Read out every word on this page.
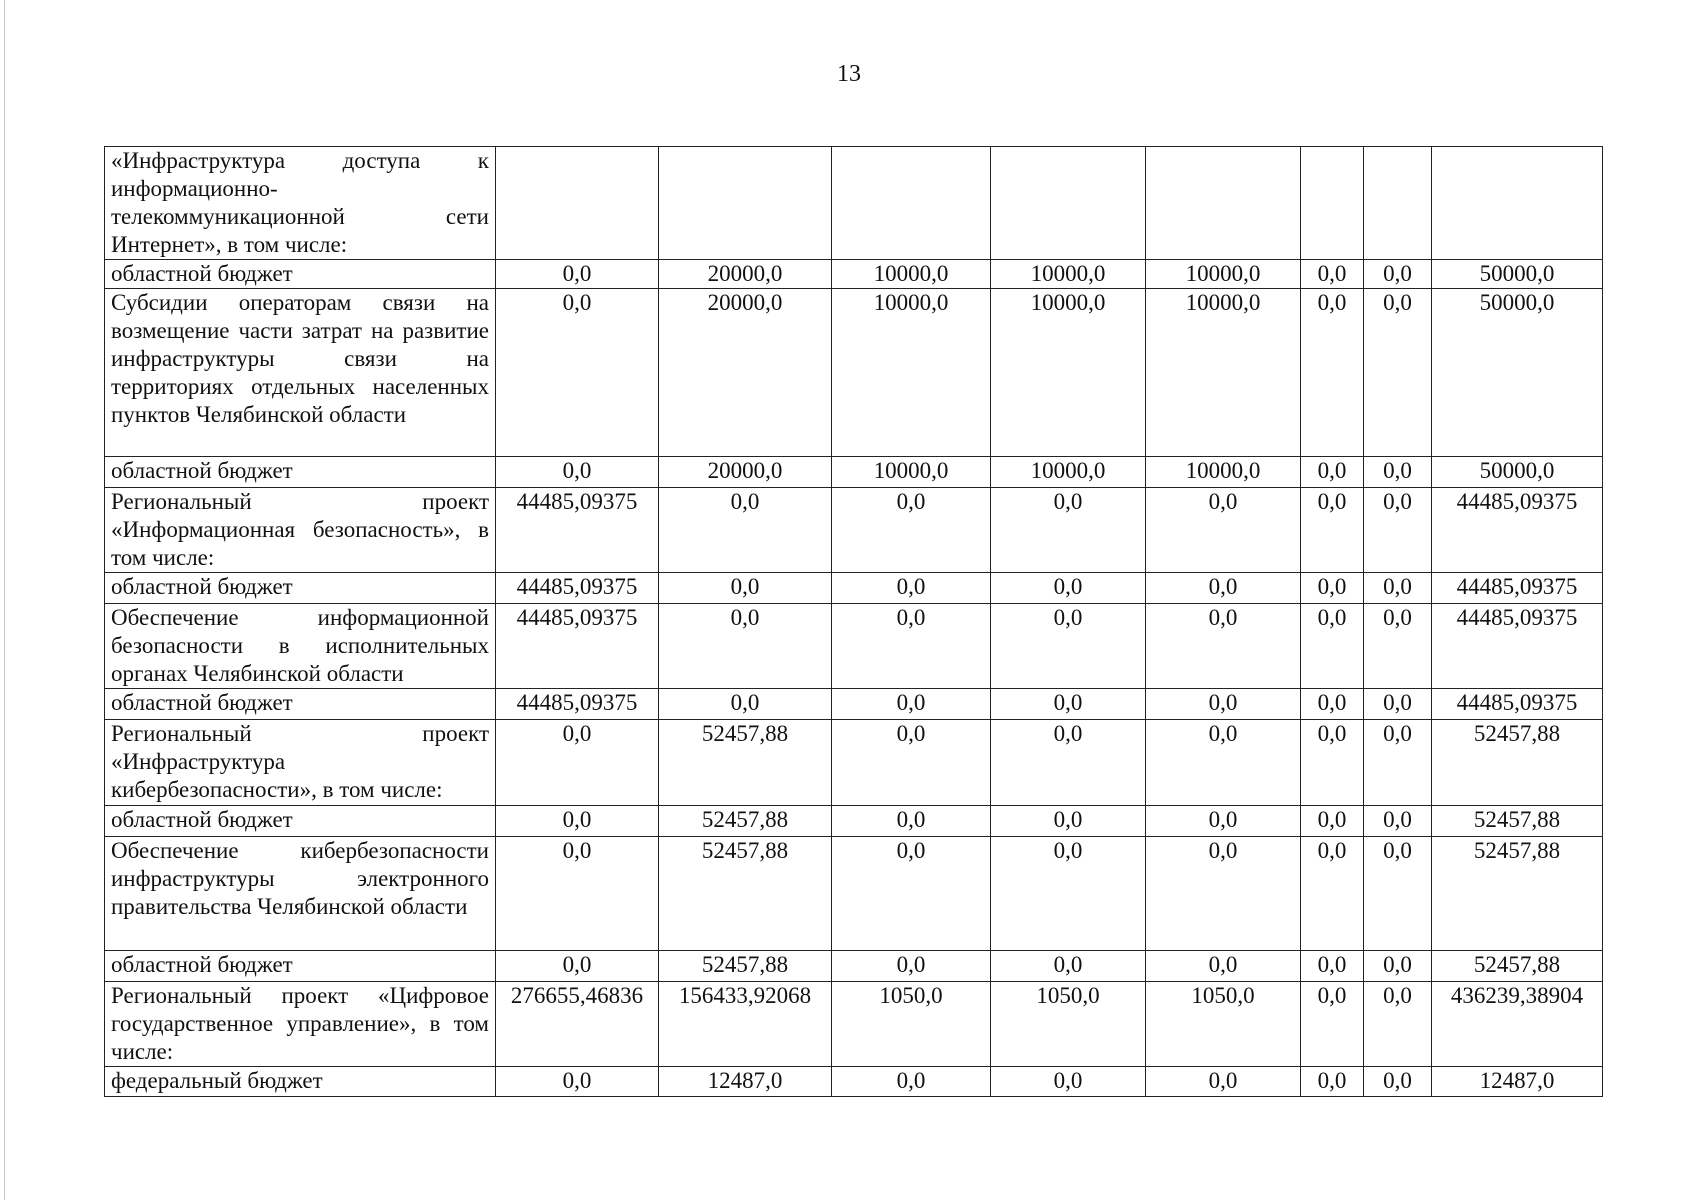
13
«Инфраструктура доступа к информационно-телекоммуникационной сети Интернет», в том числе:								
областной бюджет	0,0	20000,0	10000,0	10000,0	10000,0	0,0	0,0	50000,0
Субсидии операторам связи на возмещение части затрат на развитие инфраструктуры связи на территориях отдельных населенных пунктов Челябинской области	0,0	20000,0	10000,0	10000,0	10000,0	0,0	0,0	50000,0
областной бюджет	0,0	20000,0	10000,0	10000,0	10000,0	0,0	0,0	50000,0
Региональный проект «Информационная безопасность», в том числе:	44485,09375	0,0	0,0	0,0	0,0	0,0	0,0	44485,09375
областной бюджет	44485,09375	0,0	0,0	0,0	0,0	0,0	0,0	44485,09375
Обеспечение информационной безопасности в исполнительных органах Челябинской области	44485,09375	0,0	0,0	0,0	0,0	0,0	0,0	44485,09375
областной бюджет	44485,09375	0,0	0,0	0,0	0,0	0,0	0,0	44485,09375
Региональный проект «Инфраструктура кибербезопасности», в том числе:	0,0	52457,88	0,0	0,0	0,0	0,0	0,0	52457,88
областной бюджет	0,0	52457,88	0,0	0,0	0,0	0,0	0,0	52457,88
Обеспечение кибербезопасности инфраструктуры электронного правительства Челябинской области	0,0	52457,88	0,0	0,0	0,0	0,0	0,0	52457,88
областной бюджет	0,0	52457,88	0,0	0,0	0,0	0,0	0,0	52457,88
Региональный проект «Цифровое государственное управление», в том числе:	276655,46836	156433,92068	1050,0	1050,0	1050,0	0,0	0,0	436239,38904
федеральный бюджет	0,0	12487,0	0,0	0,0	0,0	0,0	0,0	12487,0
